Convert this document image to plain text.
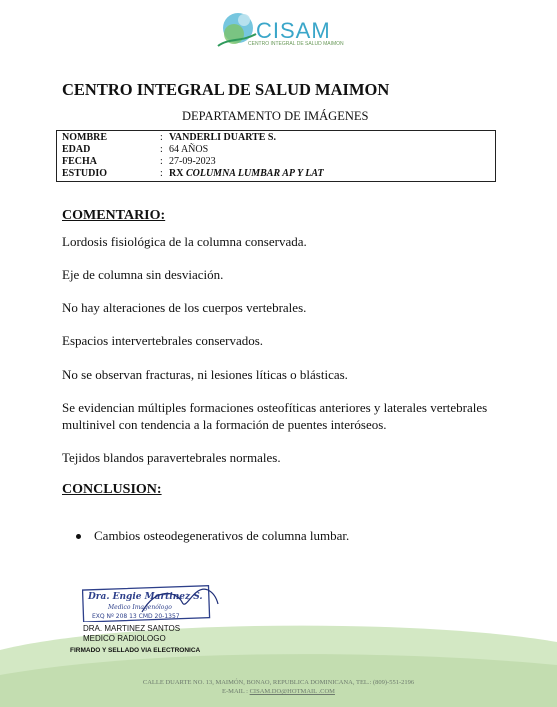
CISAM
CENTRO INTEGRAL DE SALUD MAIMON
CENTRO INTEGRAL DE SALUD MAIMON
DEPARTAMENTO DE IMÁGENES
NOMBRE	: VANDERLI DUARTE S.
EDAD	: 64 AÑOS
FECHA	: 27-09-2023
ESTUDIO	: RX COLUMNA LUMBAR AP Y LAT
COMENTARIO:
Lordosis fisiológica de la columna conservada.
Eje de columna sin desviación.
No hay alteraciones de los cuerpos vertebrales.
Espacios intervertebrales conservados.
No se observan fracturas, ni lesiones líticas o blásticas.
Se evidencian múltiples formaciones osteofíticas anteriores y laterales vertebrales multinivel con tendencia a la formación de puentes interóseos.
Tejidos blandos paravertebrales normales.
CONCLUSION:
Cambios osteodegenerativos de columna lumbar.
Dra. Engie Martinez S.
Medico Imagenólogo
EXQ Nº 208 13 CMD 20-1357
DRA. MARTINEZ SANTOS
MEDICO RADIOLOGO
FIRMADO Y SELLADO VIA ELECTRONICA
CALLE DUARTE NO. 13, MAIMÓN, BONAO, REPUBLICA DOMINICANA, TEL.: (809)-551-2196
E-MAIL : CISAM.DO@HOTMAIL .COM
